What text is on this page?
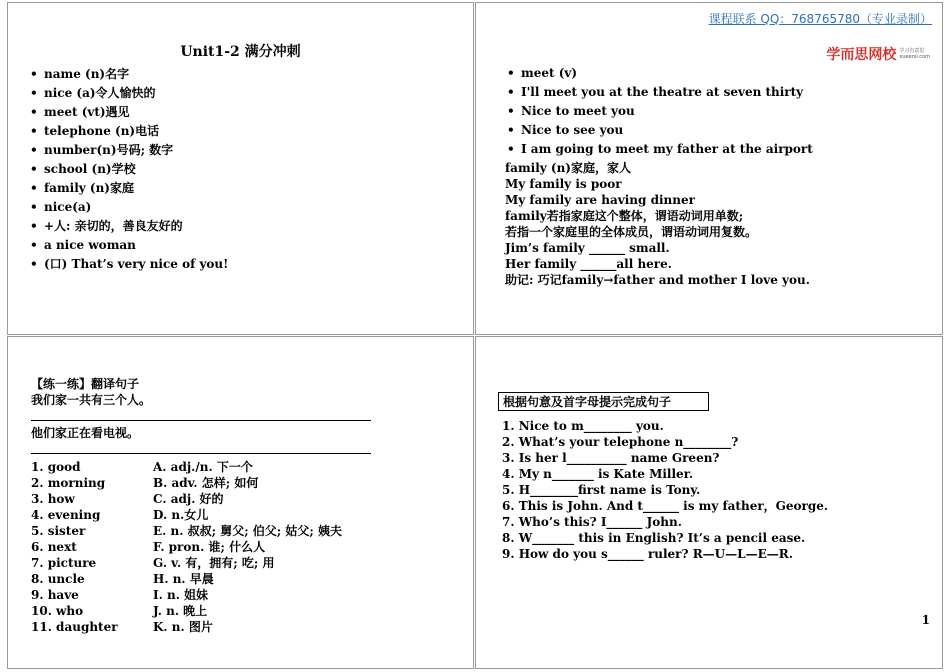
Unit1-2 满分冲刺
• name (n)名字
• nice (a)令人愉快的
• meet (vt)遇见
• telephone (n)电话
• number(n)号码; 数字
• school (n)学校
• family (n)家庭
• nice(a)
• +人: 亲切的，善良友好的
• a nice woman
• (口) That’s very nice of you!
课程联系 QQ：768765780（专业录制）
学而思网校 学习有意思
xueersi.com
• meet (v)
• I'll meet you at the theatre at seven thirty
• Nice to meet you
• Nice to see you
• I am going to meet my father at the airport
family (n)家庭，家人
My family is poor
My family are having dinner
family若指家庭这个整体，谓语动词用单数;
若指一个家庭里的全体成员，谓语动词用复数。
Jim’s family ______ small.
Her family ______all here.
助记: 巧记family→father and mother I love you.
【练一练】翻译句子
我们家一共有三个人。
他们家正在看电视。
1. good	A. adj./n. 下一个
2. morning	B. adv. 怎样; 如何
3. how	C. adj. 好的
4. evening	D. n.女儿
5. sister	E. n. 叔叔; 舅父; 伯父; 姑父; 姨夫
6. next	F. pron. 谁; 什么人
7. picture	G. v. 有，拥有; 吃; 用
8. uncle	H. n. 早晨
9. have	I. n. 姐妹
10. who	J. n. 晚上
11. daughter	K. n. 图片
根据句意及首字母提示完成句子
1. Nice to m________ you.
2. What’s your telephone n________?
3. Is her l__________ name Green?
4. My n_______ is Kate Miller.
5. H________first name is Tony.
6. This is John. And t______ is my father，George.
7. Who’s this? I______ John.
8. W_______ this in English? It’s a pencil ease.
9. How do you s______ ruler? R—U—L—E—R.
1
